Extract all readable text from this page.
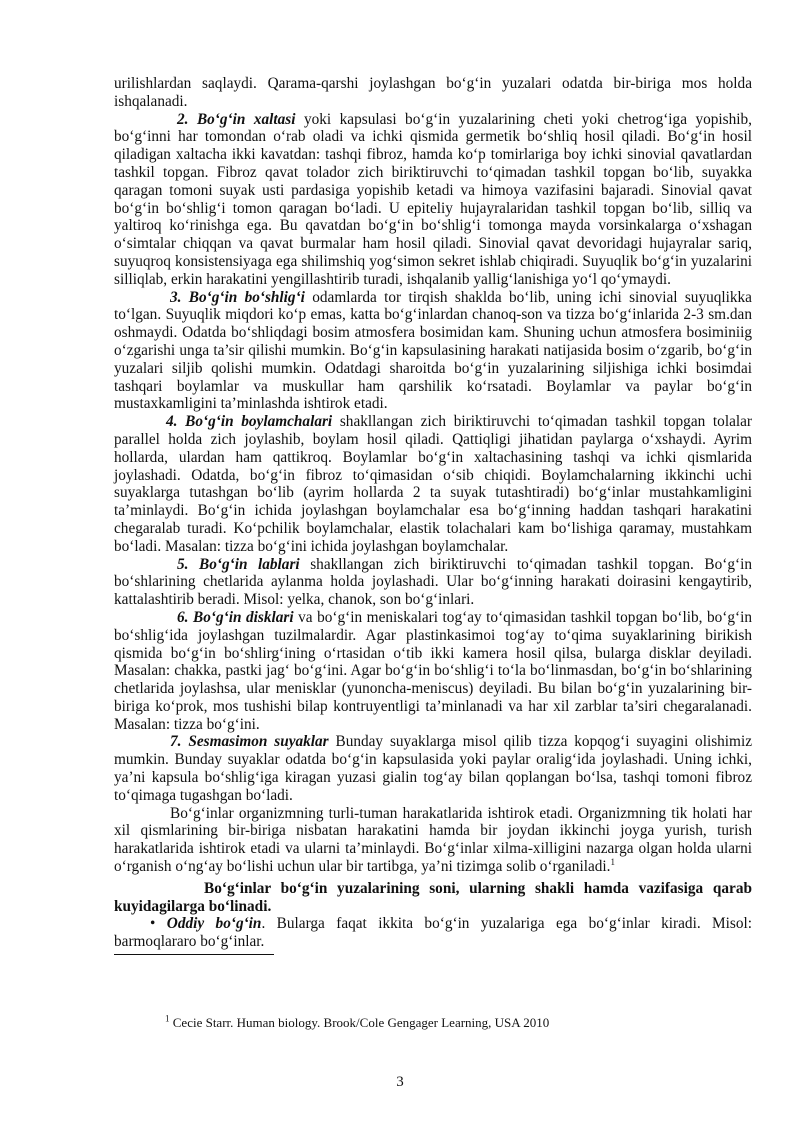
urilishlardan saqlaydi. Qarama-qarshi joylashgan bo‘g‘in yuzalari odatda bir-biriga mos holda ishqalanadi.

2. Bo‘g‘in xaltasi yoki kapsulasi bo‘g‘in yuzalarining cheti yoki chetrog‘iga yopishib, bo‘g‘inni har tomondan o‘rab oladi va ichki qismida germetik bo‘shliq hosil qiladi. Bo‘g‘in hosil qiladigan xaltacha ikki kavatdan: tashqi fibroz, hamda ko‘p tomirlariga boy ichki sinovial qavatlardan tashkil topgan. Fibroz qavat tolador zich biriktiruvchi to‘qimadan tashkil topgan bo‘lib, suyakka qaragan tomoni suyak usti pardasiga yopishib ketadi va himoya vazifasini bajaradi. Sinovial qavat bo‘g‘in bo‘shlig‘i tomon qaragan bo‘ladi. U epiteliy hujayralaridan tashkil topgan bo‘lib, silliq va yaltiroq ko‘rinishga ega. Bu qavatdan bo‘g‘in bo‘shlig‘i tomonga mayda vorsinkalarga o‘xshagan o‘simtalar chiqqan va qavat burmalar ham hosil qiladi. Sinovial qavat devoridagi hujayralar sariq, suyuqroq konsistensiyaga ega shilimshiq yog‘simon sekret ishlab chiqiradi. Suyuqlik bo‘g‘in yuzalarini silliqlab, erkin harakatini yengillashtirib turadi, ishqalanib yallig‘lanishiga yo‘l qo‘ymaydi.

3. Bo‘g‘in bo‘shlig‘i odamlarda tor tirqish shaklda bo‘lib, uning ichi sinovial suyuqlikka to‘lgan. Suyuqlik miqdori ko‘p emas, katta bo‘g‘inlardan chanoq-son va tizza bo‘g‘inlarida 2-3 sm.dan oshmaydi. Odatda bo‘shliqdagi bosim atmosfera bosimidan kam. Shuning uchun atmosfera bosiminiig o‘zgarishi unga ta’sir qilishi mumkin. Bo‘g‘in kapsulasining harakati natijasida bosim o‘zgarib, bo‘g‘in yuzalari siljib qolishi mumkin. Odatdagi sharoitda bo‘g‘in yuzalarining siljishiga ichki bosimdai tashqari boylamlar va muskullar ham qarshilik ko‘rsatadi. Boylamlar va paylar bo‘g‘in mustaxkamligini ta’minlashda ishtirok etadi.

4. Bo‘g‘in boylamchalari shakllangan zich biriktiruvchi to‘qimadan tashkil topgan tolalar parallel holda zich joylashib, boylam hosil qiladi. Qattiqligi jihatidan paylarga o‘xshaydi. Ayrim hollarda, ulardan ham qattikroq. Boylamlar bo‘g‘in xaltachasining tashqi va ichki qismlarida joylashadi. Odatda, bo‘g‘in fibroz to‘qimasidan o‘sib chiqidi. Boylamchalarning ikkinchi uchi suyaklarga tutashgan bo‘lib (ayrim hollarda 2 ta suyak tutashtiradi) bo‘g‘inlar mustahkamligini ta’minlaydi. Bo‘g‘in ichida joylashgan boylamchalar esa bo‘g‘inning haddan tashqari harakatini chegaralab turadi. Ko‘pchilik boylamchalar, elastik tolachalari kam bo‘lishiga qaramay, mustahkam bo‘ladi. Masalan: tizza bo‘g‘ini ichida joylashgan boylamchalar.

5. Bo‘g‘in lablari shakllangan zich biriktiruvchi to‘qimadan tashkil topgan. Bo‘g‘in bo‘shlarining chetlarida aylanma holda joylashadi. Ular bo‘g‘inning harakati doirasini kengaytirib, kattalashtirib beradi. Misol: yelka, chanok, son bo‘g‘inlari.

6. Bo‘g‘in disklari va bo‘g‘in meniskalari tog‘ay to‘qimasidan tashkil topgan bo‘lib, bo‘g‘in bo‘shlig‘ida joylashgan tuzilmalardir. Agar plastinkasimoi tog‘ay to‘qima suyaklarining birikish qismida bo‘g‘in bo‘shlirg‘ining o‘rtasidan o‘tib ikki kamera hosil qilsa, bularga disklar deyiladi. Masalan: chakka, pastki jag‘ bo‘g‘ini. Agar bo‘g‘in bo‘shlig‘i to‘la bo‘linmasdan, bo‘g‘in bo‘shlarining chetlarida joylashsa, ular menisklar (yunoncha-meniscus) deyiladi. Bu bilan bo‘g‘in yuzalarining bir-biriga ko‘prok, mos tushishi bilap kontruyentligi ta’minlanadi va har xil zarblar ta’siri chegaralanadi. Masalan: tizza bo‘g‘ini.

7. Sesmasimon suyaklar Bunday suyaklarga misol qilib tizza kopqog‘i suyagini olishimiz mumkin. Bunday suyaklar odatda bo‘g‘in kapsulasida yoki paylar oralig‘ida joylashadi. Uning ichki, ya’ni kapsula bo‘shlig‘iga kiragan yuzasi gialin tog‘ay bilan qoplangan bo‘lsa, tashqi tomoni fibroz to‘qimaga tugashgan bo‘ladi.

Bo‘g‘inlar organizmning turli-tuman harakatlarida ishtirok etadi. Organizmning tik holati har xil qismlarining bir-biriga nisbatan harakatini hamda bir joydan ikkinchi joyga yurish, turish harakatlarida ishtirok etadi va ularni ta’minlaydi. Bo‘g‘inlar xilma-xilligini nazarga olgan holda ularni o‘rganish o‘ng‘ay bo‘lishi uchun ular bir tartibga, ya’ni tizimga solib o‘rganiladi.$^1$

Bo‘g‘inlar bo‘g‘in yuzalarining soni, ularning shakli hamda vazifasiga qarab kuyidagilarga bo‘linadi.

• Oddiy bo‘g‘in. Bularga faqat ikkita bo‘g‘in yuzalariga ega bo‘g‘inlar kiradi. Misol: barmoqlararo bo‘g‘inlar.

$^1$ Cecie Starr. Human biology. Brook/Cole Gengager Learning, USA 2010
3
